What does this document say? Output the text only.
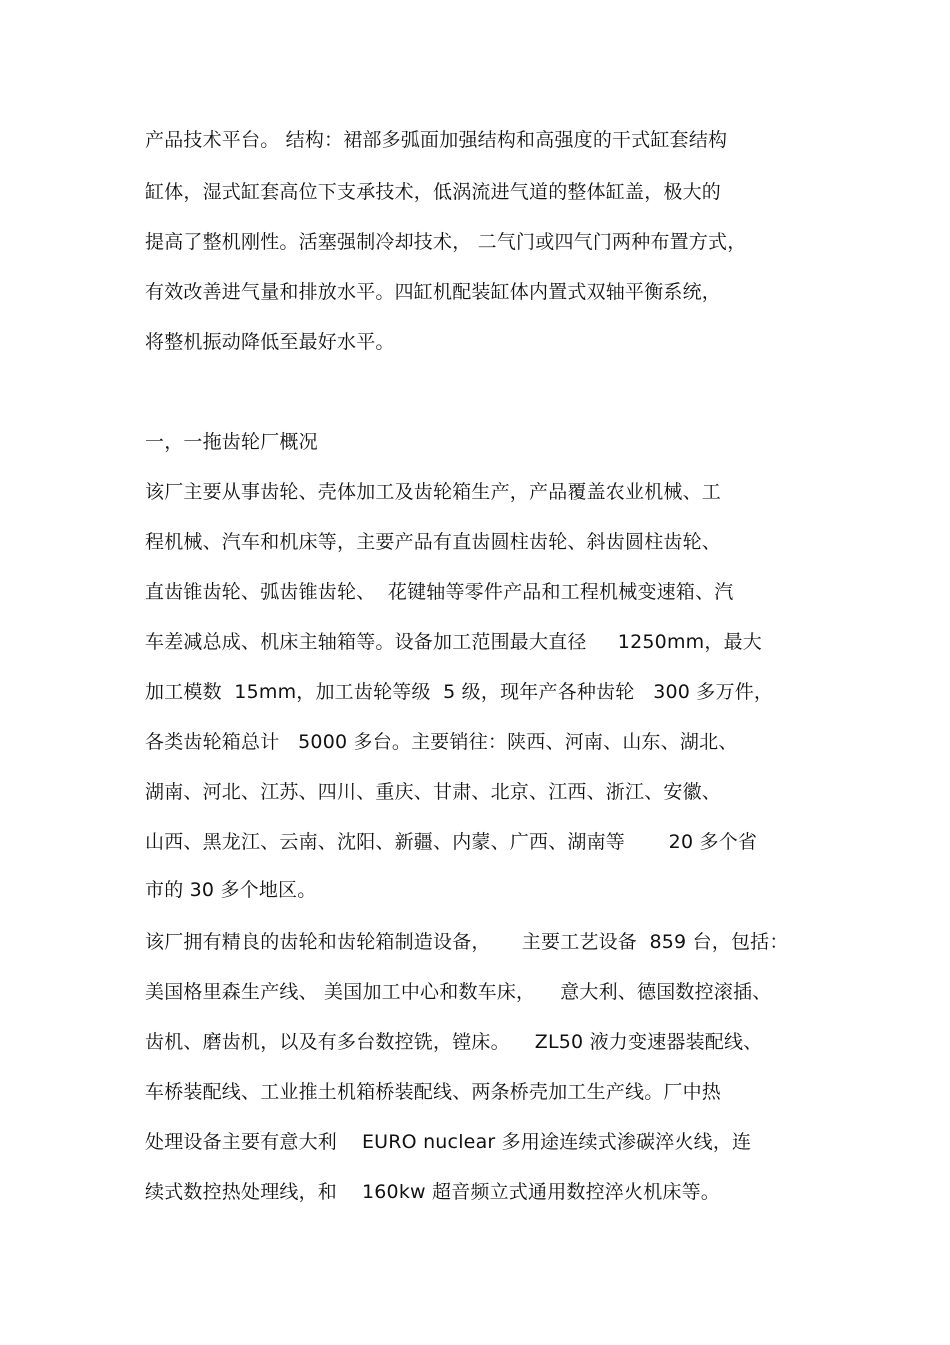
产品技术平台。 结构：裙部多弧面加强结构和高强度的干式缸套结构
缸体，湿式缸套高位下支承技术，低涡流进气道的整体缸盖，极大的
提高了整机刚性。活塞强制冷却技术， 二气门或四气门两种布置方式，
有效改善进气量和排放水平。四缸机配装缸体内置式双轴平衡系统，
将整机振动降低至最好水平。
一，一拖齿轮厂概况
该厂主要从事齿轮、壳体加工及齿轮箱生产，产品覆盖农业机械、工
程机械、汽车和机床等，主要产品有直齿圆柱齿轮、斜齿圆柱齿轮、
直齿锥齿轮、弧齿锥齿轮、  花键轴等零件产品和工程机械变速箱、汽
车差减总成、机床主轴箱等。设备加工范围最大直径     1250mm，最大
加工模数  15mm，加工齿轮等级  5 级，现年产各种齿轮   300 多万件，
各类齿轮箱总计   5000 多台。主要销往：陕西、河南、山东、湖北、
湖南、河北、江苏、四川、重庆、甘肃、北京、江西、浙江、安徽、
山西、黑龙江、云南、沈阳、新疆、内蒙、广西、湖南等       20 多个省
市的 30 多个地区。
该厂拥有精良的齿轮和齿轮箱制造设备，     主要工艺设备  859 台，包括：
美国格里森生产线、 美国加工中心和数车床，    意大利、德国数控滚插、
齿机、磨齿机，以及有多台数控铣，镗床。    ZL50 液力变速器装配线、
车桥装配线、工业推土机箱桥装配线、两条桥壳加工生产线。厂中热
处理设备主要有意大利    EURO nuclear 多用途连续式渗碳淬火线，连
续式数控热处理线，和    160kw 超音频立式通用数控淬火机床等。
